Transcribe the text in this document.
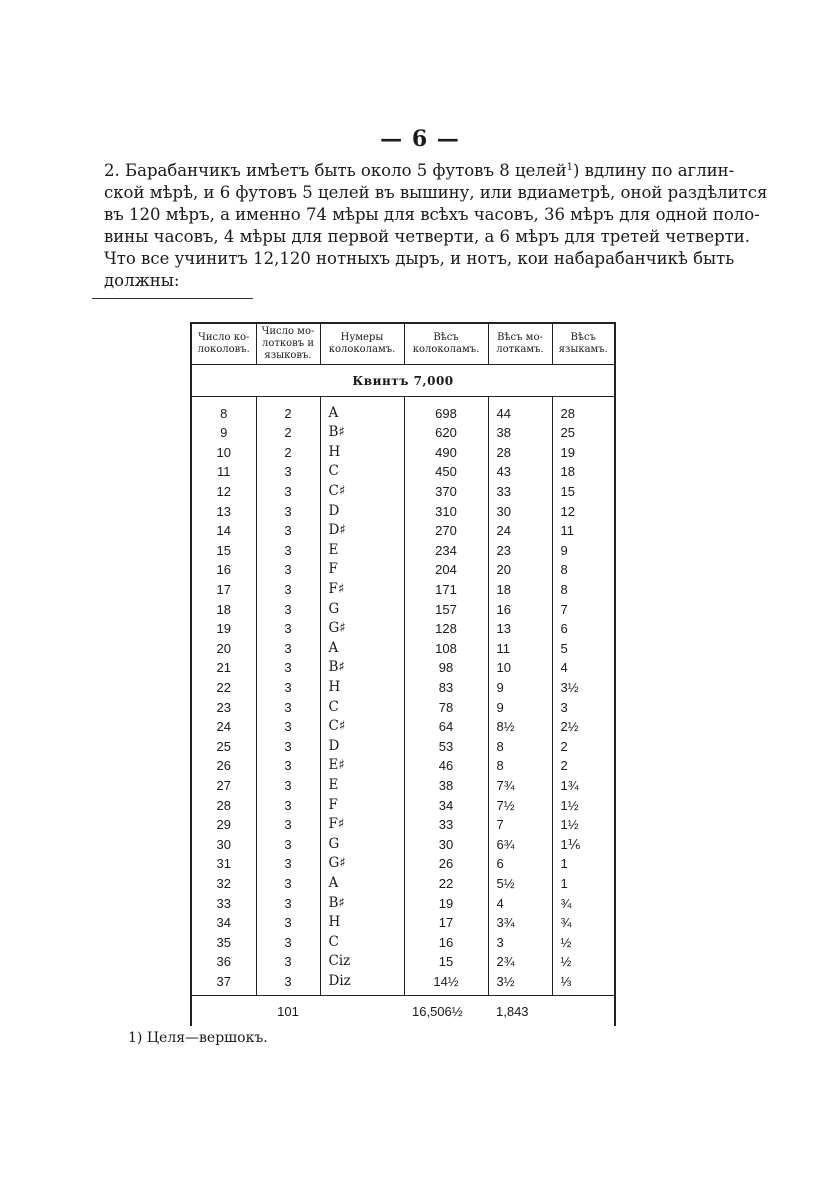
— 6 —
2. Барабанчикъ имѣетъ быть около 5 футовъ 8 целей$^1$) вдлину по аглин-
ской мѣрѣ, и 6 футовъ 5 целей въ вышину, или вдиаметрѣ, оной раздѣлится
въ 120 мѣръ, а именно 74 мѣры для всѣхъ часовъ, 36 мѣръ для одной поло-
вины часовъ, 4 мѣры для первой четверти, а 6 мѣръ для третей четверти.
Что все учинитъ 12,120 нотныхъ дыръ, и нотъ, кои набарабанчикѣ быть
должны:
Число ко- локоловъ.	Число мо- лотковъ и языковъ.	Нумеры колоколамъ.	Вѣсъ колоколамъ.	Вѣсъ мо- лоткамъ.	Вѣсъ языкамъ.
Квинтъ 7,000					
8	2	A	698	44	28
9	2	B♯	620	38	25
10	2	H	490	28	19
11	3	C	450	43	18
12	3	C♯	370	33	15
13	3	D	310	30	12
14	3	D♯	270	24	11
15	3	E	234	23	9
16	3	F	204	20	8
17	3	F♯	171	18	8
18	3	G	157	16	7
19	3	G♯	128	13	6
20	3	A	108	11	5
21	3	B♯	98	10	4
22	3	H	83	9	3½
23	3	C	78	9	3
24	3	C♯	64	8½	2½
25	3	D	53	8	2
26	3	E♯	46	8	2
27	3	E	38	7¾	1¾
28	3	F	34	7½	1½
29	3	F♯	33	7	1½
30	3	G	30	6¾	1⅙
31	3	G♯	26	6	1
32	3	A	22	5½	1
33	3	B♯	19	4	¾
34	3	H	17	3¾	¾
35	3	C	16	3	½
36	3	Ciz	15	2¾	½
37	3	Diz	14½	3½	⅓
	101		16,506½	1,843	
1) Целя—вершокъ.
